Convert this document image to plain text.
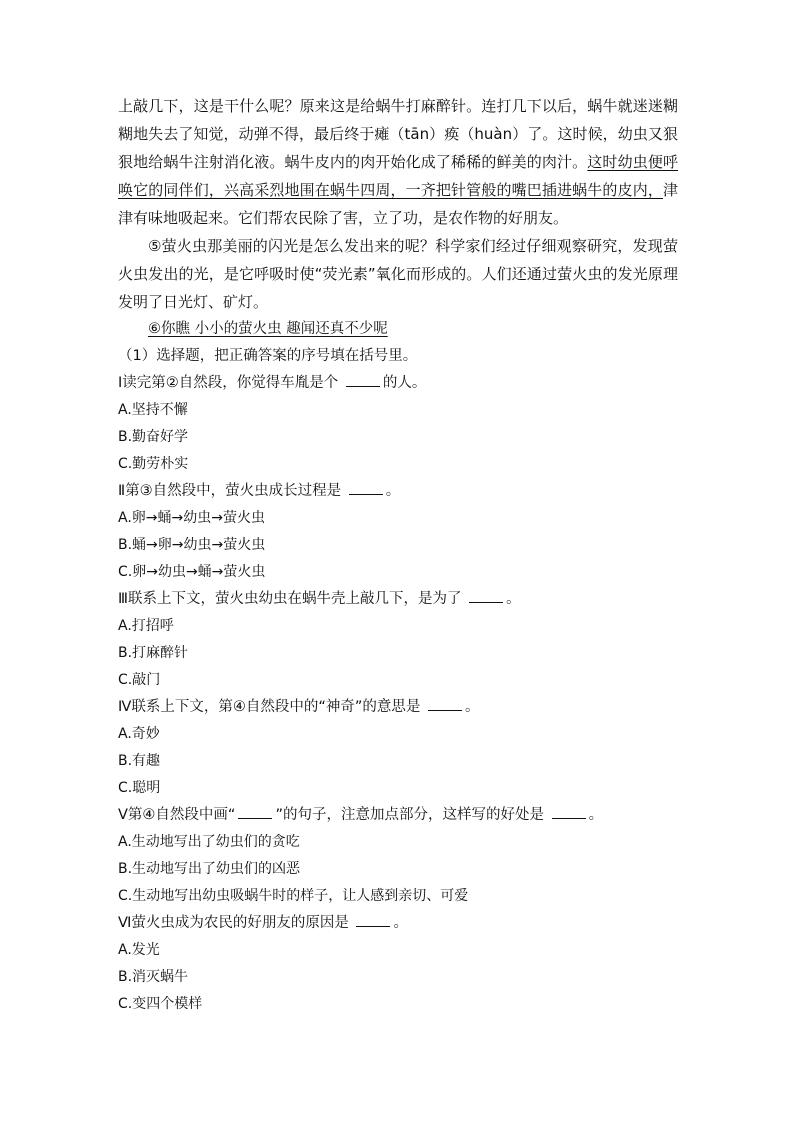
上敲几下，这是干什么呢？原来这是给蜗牛打麻醉针。连打几下以后，蜗牛就迷迷糊糊地失去了知觉，动弹不得，最后终于瘫（tān）痪（huàn）了。这时候，幼虫又狠狠地给蜗牛注射消化液。蜗牛皮内的肉开始化成了稀稀的鲜美的肉汁。这时幼虫便呼唤它的同伴们，兴高采烈地围在蜗牛四周，一齐把针管般的嘴巴插进蜗牛的皮内，津津有味地吸起来。它们帮农民除了害，立了功，是农作物的好朋友。

⑤萤火虫那美丽的闪光是怎么发出来的呢？科学家们经过仔细观察研究，发现萤火虫发出的光，是它呼吸时使“荧光素”氧化而形成的。人们还通过萤火虫的发光原理发明了日光灯、矿灯。

⑥你瞧 小小的萤火虫 趣闻还真不少呢

（1）选择题，把正确答案的序号填在括号里。

Ⅰ读完第②自然段，你觉得车胤是个	的人。

A.坚持不懈

B.勤奋好学

C.勤劳朴实

Ⅱ第③自然段中，萤火虫成长过程是	。

A.卵→蛹→幼虫→萤火虫

B.蛹→卵→幼虫→萤火虫

C.卵→幼虫→蛹→萤火虫

Ⅲ联系上下文，萤火虫幼虫在蜗牛壳上敲几下，是为了	。

A.打招呼

B.打麻醉针

C.敲门

Ⅳ联系上下文，第④自然段中的“神奇”的意思是	。

A.奇妙

B.有趣

C.聪明

Ⅴ第④自然段中画“	”的句子，注意加点部分，这样写的好处是	。

A.生动地写出了幼虫们的贪吃

B.生动地写出了幼虫们的凶恶

C.生动地写出幼虫吸蜗牛时的样子，让人感到亲切、可爱

Ⅵ萤火虫成为农民的好朋友的原因是	。

A.发光

B.消灭蜗牛

C.变四个模样
